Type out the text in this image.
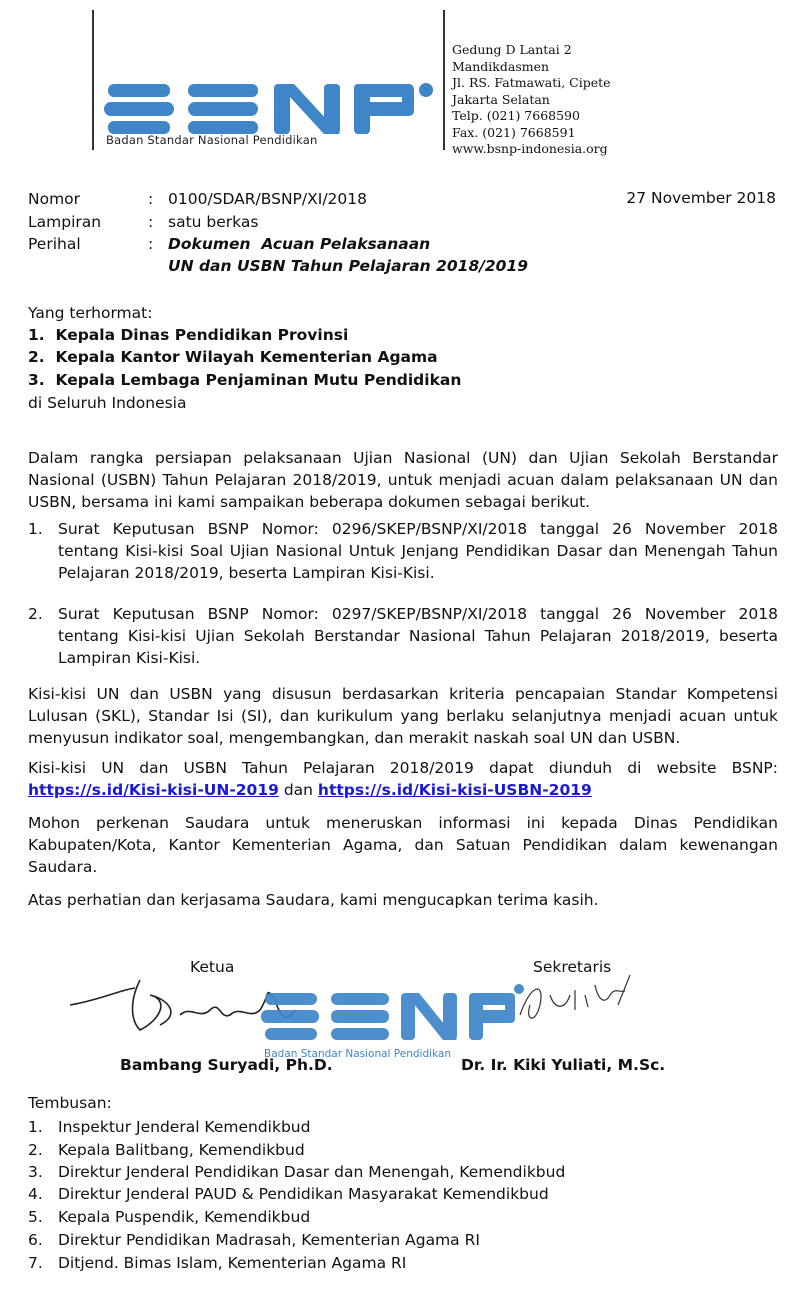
Badan Standar Nasional Pendidikan
Gedung D Lantai 2
Mandikdasmen
Jl. RS. Fatmawati, Cipete
Jakarta Selatan
Telp. (021) 7668590
Fax. (021) 7668591
www.bsnp-indonesia.org
Nomor	: 0100/SDAR/BSNP/XI/2018	27 November 2018
Lampiran	: satu berkas
Perihal	: Dokumen  Acuan Pelaksanaan
UN dan USBN Tahun Pelajaran 2018/2019
Yang terhormat:
1.  Kepala Dinas Pendidikan Provinsi
2.  Kepala Kantor Wilayah Kementerian Agama
3.  Kepala Lembaga Penjaminan Mutu Pendidikan
di Seluruh Indonesia
Dalam rangka persiapan pelaksanaan Ujian Nasional (UN) dan Ujian Sekolah Berstandar Nasional (USBN) Tahun Pelajaran 2018/2019, untuk menjadi acuan dalam pelaksanaan UN dan USBN, bersama ini kami sampaikan beberapa dokumen sebagai berikut.
1. Surat Keputusan BSNP Nomor: 0296/SKEP/BSNP/XI/2018 tanggal 26 November 2018 tentang Kisi-kisi Soal Ujian Nasional Untuk Jenjang Pendidikan Dasar dan Menengah Tahun Pelajaran 2018/2019, beserta Lampiran Kisi-Kisi.
2. Surat Keputusan BSNP Nomor: 0297/SKEP/BSNP/XI/2018 tanggal 26 November 2018 tentang Kisi-kisi Ujian Sekolah Berstandar Nasional Tahun Pelajaran 2018/2019, beserta Lampiran Kisi-Kisi.
Kisi-kisi UN dan USBN yang disusun berdasarkan kriteria pencapaian Standar Kompetensi Lulusan (SKL), Standar Isi (SI), dan kurikulum yang berlaku selanjutnya menjadi acuan untuk menyusun indikator soal, mengembangkan, dan merakit naskah soal UN dan USBN.
Kisi-kisi UN dan USBN Tahun Pelajaran 2018/2019 dapat diunduh di website BSNP:
https://s.id/Kisi-kisi-UN-2019 dan https://s.id/Kisi-kisi-USBN-2019
Mohon perkenan Saudara untuk meneruskan informasi ini kepada Dinas Pendidikan Kabupaten/Kota, Kantor Kementerian Agama, dan Satuan Pendidikan dalam kewenangan Saudara.
Atas perhatian dan kerjasama Saudara, kami mengucapkan terima kasih.
Ketua	Sekretaris
Badan Standar Nasional Pendidikan
Bambang Suryadi, Ph.D.	Dr. Ir. Kiki Yuliati, M.Sc.
Tembusan:
1. Inspektur Jenderal Kemendikbud
2. Kepala Balitbang, Kemendikbud
3. Direktur Jenderal Pendidikan Dasar dan Menengah, Kemendikbud
4. Direktur Jenderal PAUD & Pendidikan Masyarakat Kemendikbud
5. Kepala Puspendik, Kemendikbud
6. Direktur Pendidikan Madrasah, Kementerian Agama RI
7. Ditjend. Bimas Islam, Kementerian Agama RI
